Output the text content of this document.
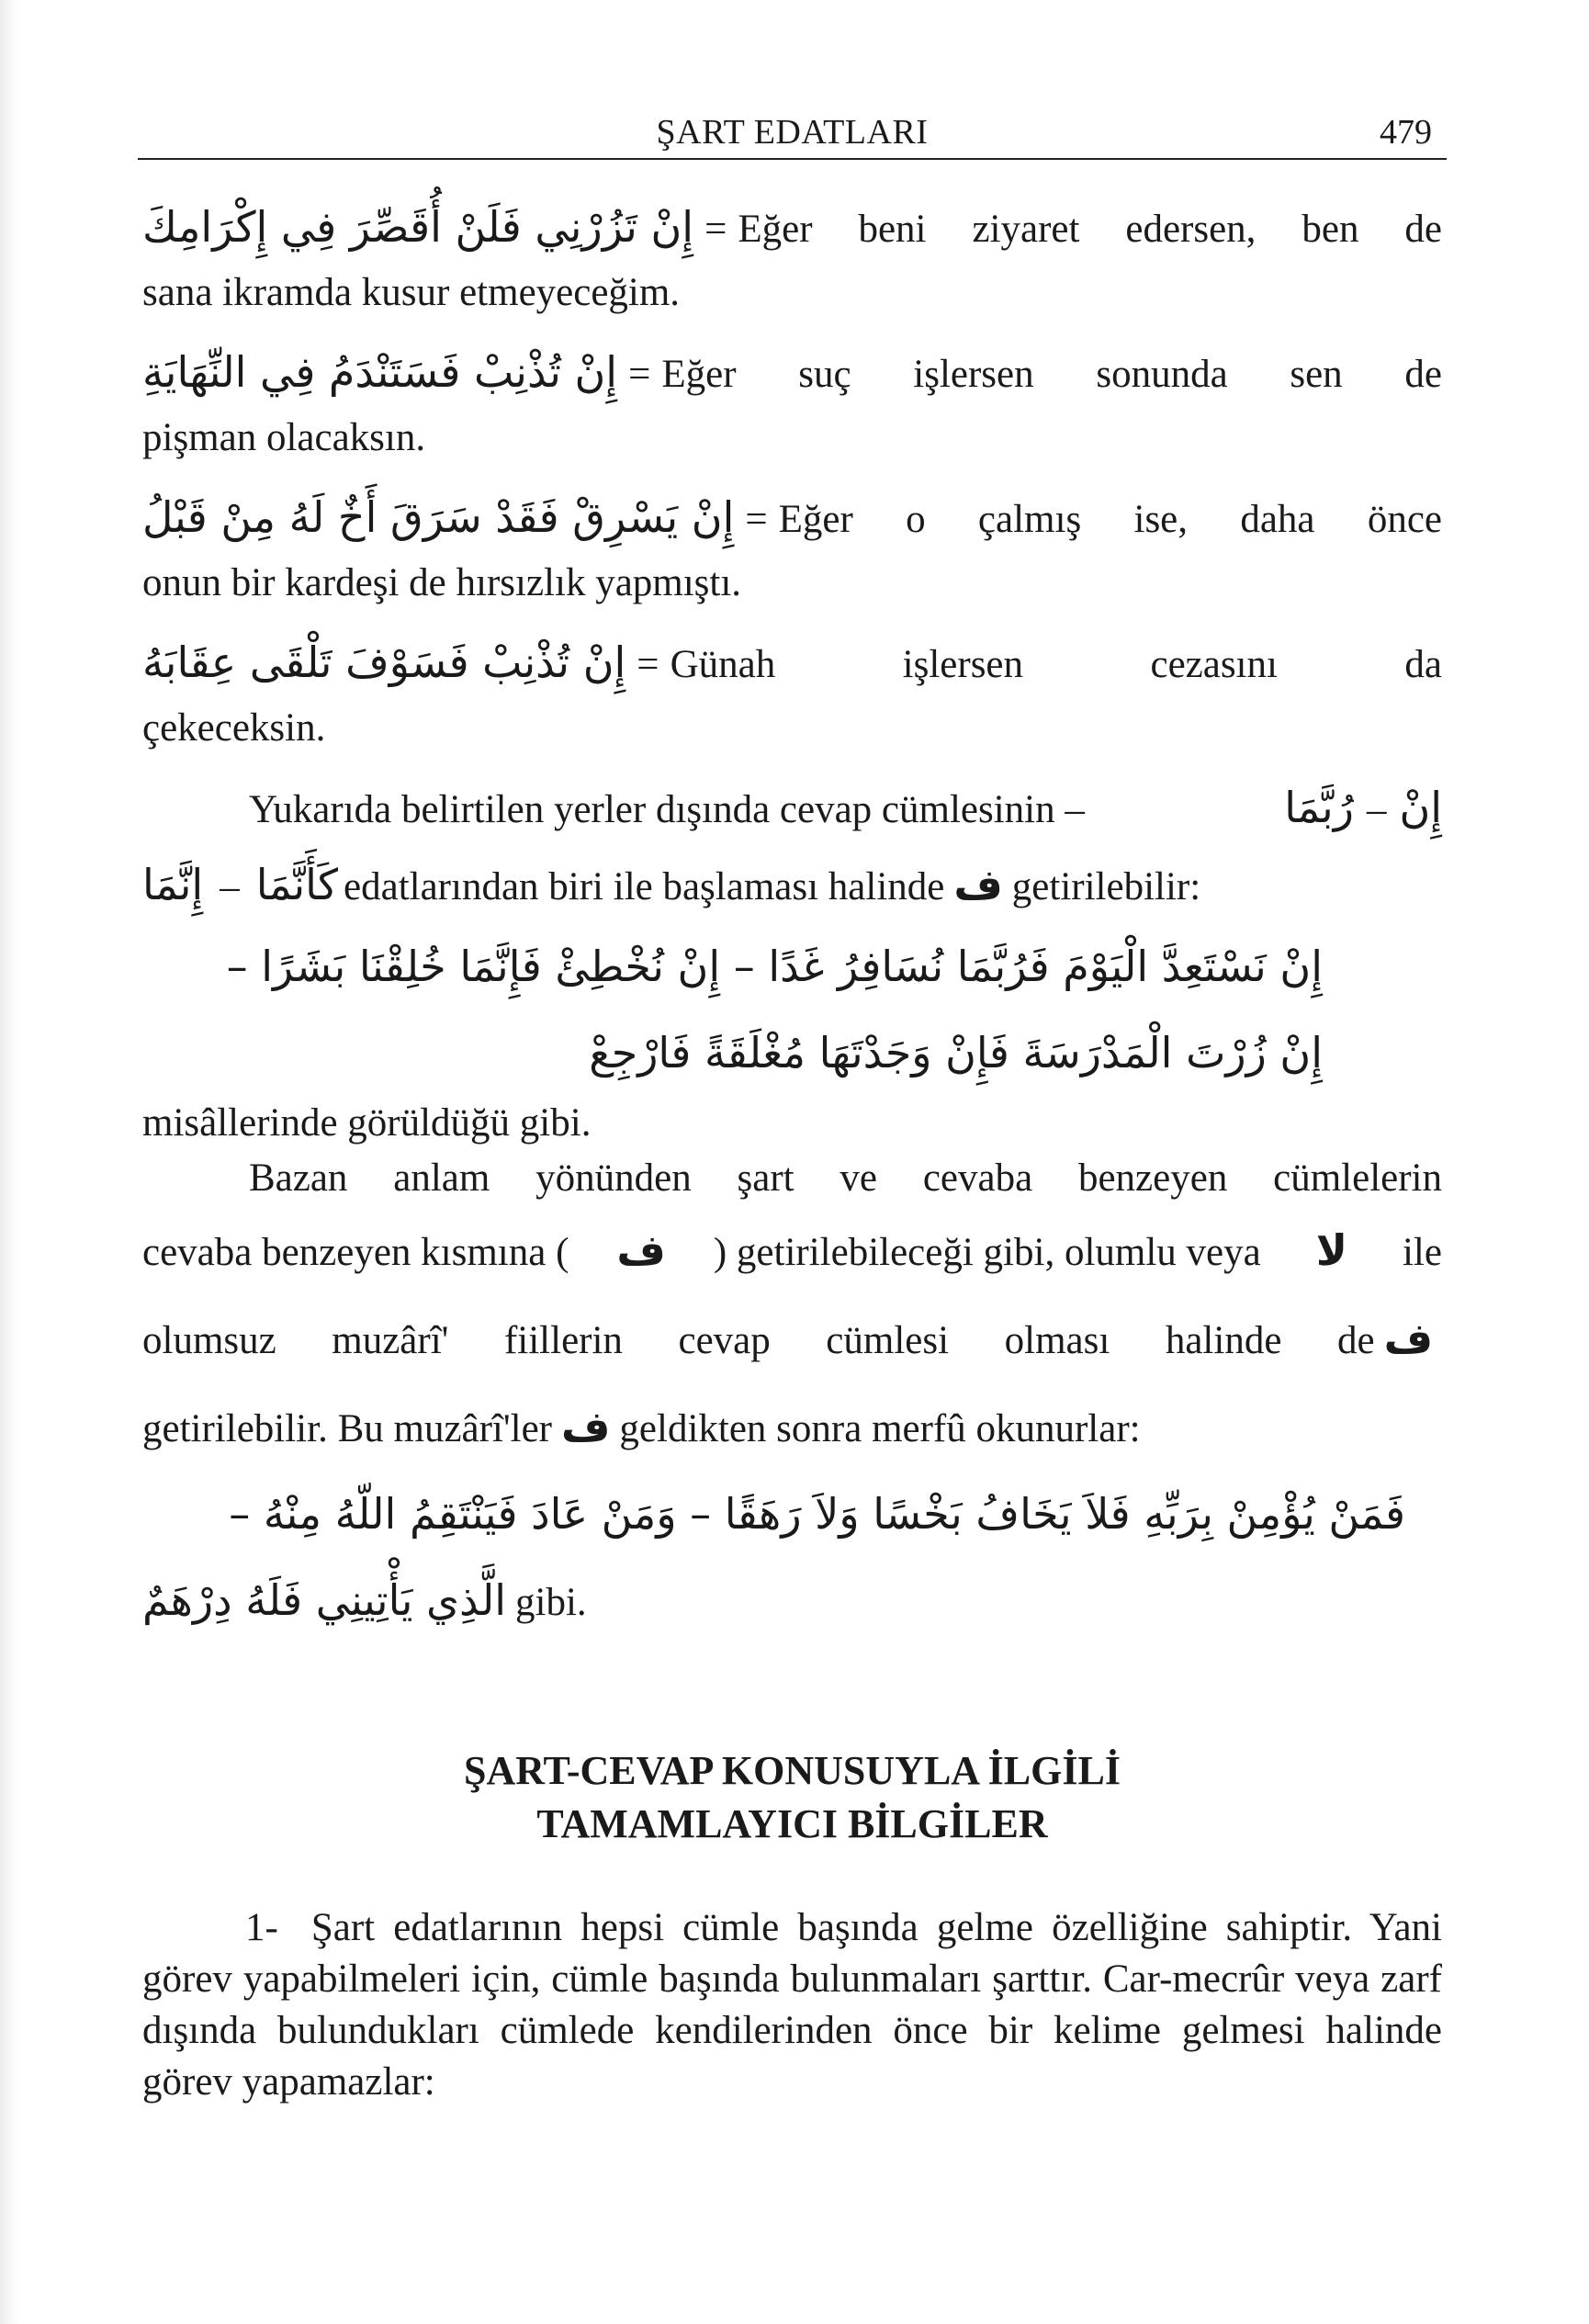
ŞART EDATLARI	479
إِنْ تَزُرْنِي فَلَنْ أُقَصِّرَ فِي إِكْرَامِكَ = Eğer beni ziyaret edersen, ben de
sana ikramda kusur etmeyeceğim.
إِنْ تُذْنِبْ فَسَتَنْدَمُ فِي النِّهَايَةِ = Eğer suç işlersen sonunda sen de
pişman olacaksın.
إِنْ يَسْرِقْ فَقَدْ سَرَقَ أَخٌ لَهُ مِنْ قَبْلُ = Eğer o çalmış ise, daha önce
onun bir kardeşi de hırsızlık yapmıştı.
إِنْ تُذْنِبْ فَسَوْفَ تَلْقَى عِقَابَهُ = Günah işlersen cezasını da
çekeceksin.
Yukarıda belirtilen yerler dışında cevap cümlesinin –	رُبَّمَا – إِنْ
إِنَّمَا – كَأَنَّمَا edatlarından biri ile başlaması halinde ف getirilebilir:
إِنْ نَسْتَعِدَّ الْيَوْمَ فَرُبَّمَا نُسَافِرُ غَدًا – إِنْ نُخْطِئْ فَإِنَّمَا خُلِقْنَا بَشَرًا –
إِنْ زُرْتَ الْمَدْرَسَةَ فَإِنْ وَجَدْتَهَا مُغْلَقَةً فَارْجِعْ
misâllerinde görüldüğü gibi.
Bazan anlam yönünden şart ve cevaba benzeyen cümlelerin
cevaba benzeyen kısmına ( ف ) getirilebileceği gibi, olumlu veya لا ile
olumsuz muzârî' fiillerin cevap cümlesi olması halinde de ف
getirilebilir. Bu muzârî'ler ف geldikten sonra merfû okunurlar:
فَمَنْ يُؤْمِنْ بِرَبِّهِ فَلاَ يَخَافُ بَخْسًا وَلاَ رَهَقًا – وَمَنْ عَادَ فَيَنْتَقِمُ اللّهُ مِنْهُ –
الَّذِي يَأْتِينِي فَلَهُ دِرْهَمٌ gibi.
ŞART-CEVAP KONUSUYLA İLGİLİ
TAMAMLAYICI BİLGİLER
1- Şart edatlarının hepsi cümle başında gelme özelliğine sahiptir. Yani görev yapabilmeleri için, cümle başında bulunmaları şarttır. Car-mecrûr veya zarf dışında bulundukları cümlede kendilerinden önce bir kelime gelmesi halinde görev yapamazlar:
